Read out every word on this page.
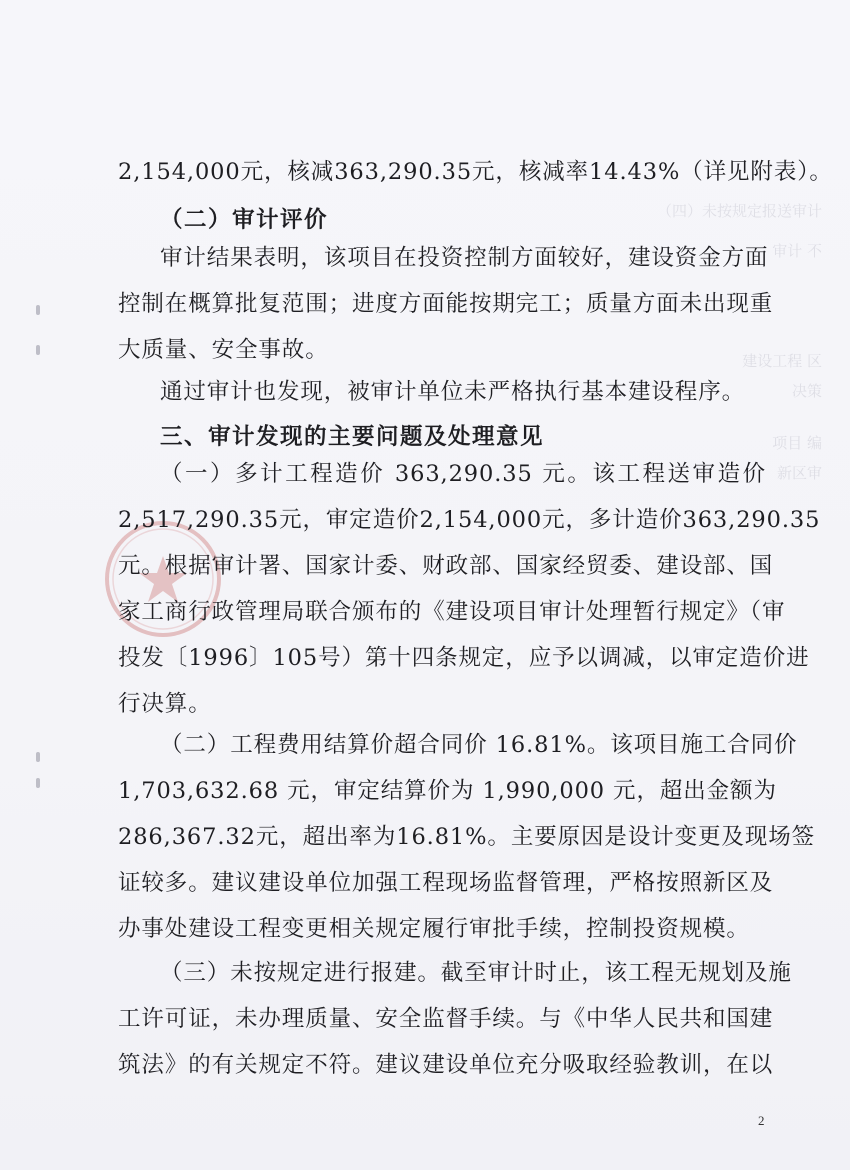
（四）未按规定报送审计
审计 不
建设工程 区
决策
项目 编
新区审
2,154,000元，核减363,290.35元，核减率14.43%（详见附表）。
（二）审计评价
审计结果表明，该项目在投资控制方面较好，建设资金方面
控制在概算批复范围；进度方面能按期完工；质量方面未出现重
大质量、安全事故。
通过审计也发现，被审计单位未严格执行基本建设程序。
三、审计发现的主要问题及处理意见
（一）多计工程造价 363,290.35 元。该工程送审造价
2,517,290.35元，审定造价2,154,000元，多计造价363,290.35
元。根据审计署、国家计委、财政部、国家经贸委、建设部、国
家工商行政管理局联合颁布的《建设项目审计处理暂行规定》（审
投发〔1996〕105号）第十四条规定，应予以调减，以审定造价进
行决算。
（二）工程费用结算价超合同价 16.81%。该项目施工合同价
1,703,632.68 元，审定结算价为 1,990,000 元，超出金额为
286,367.32元，超出率为16.81%。主要原因是设计变更及现场签
证较多。建议建设单位加强工程现场监督管理，严格按照新区及
办事处建设工程变更相关规定履行审批手续，控制投资规模。
（三）未按规定进行报建。截至审计时止，该工程无规划及施
工许可证，未办理质量、安全监督手续。与《中华人民共和国建
筑法》的有关规定不符。建议建设单位充分吸取经验教训，在以
2
